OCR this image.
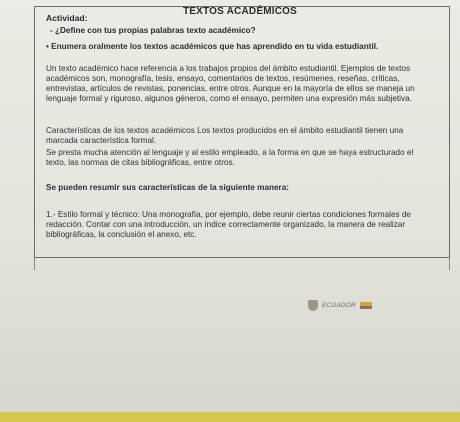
TEXTOS ACADÉMICOS
Actividad:
- ¿Define con tus propias palabras texto académico?
• Enumera oralmente los textos académicos que has aprendido en tu vida estudiantil.
Un texto académico hace referencia a los trabajos propios del ámbito estudiantil. Ejemplos de textos
académicos son, monografía, tesis, ensayo, comentarios de textos, resúmenes, reseñas, críticas,
entrevistas, artículos de revistas, ponencias, entre otros. Aunque en la mayoría de ellos se maneja un
lenguaje formal y riguroso, algunos géneros, como el ensayo, permiten una expresión más subjetiva.
Características de los textos académicos Los textos producidos en el ámbito estudiantil tienen una
marcada característica formal.
Se presta mucha atención al lenguaje y al estilo empleado, a la forma en que se haya estructurado el
texto, las normas de citas bibliográficas, entre otros.
Se pueden resumir sus características de la siguiente manera:
1.- Estilo formal y técnico: Una monografía, por ejemplo, debe reunir ciertas condiciones formales de
redacción. Contar con una introducción, un índice correctamente organizado, la manera de realizar
bibliográficas, la conclusión el anexo, etc.
ECUADOR
